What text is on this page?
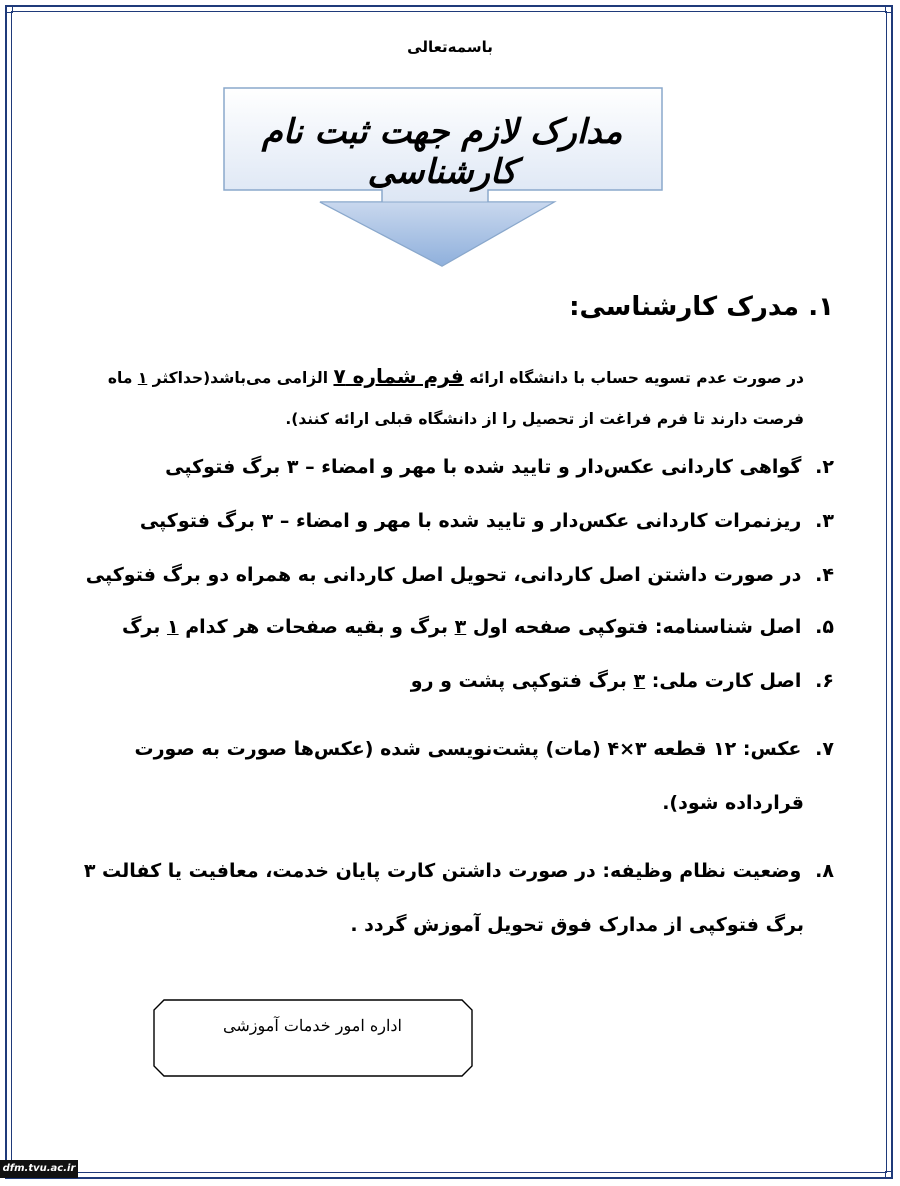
باسمه‌تعالی
مدارک لازم جهت ثبت نام کارشناسی
۱. مدرک کارشناسی:
در صورت عدم تسویه حساب با دانشگاه ارائه فرم شماره ۷ الزامی می‌باشد(حداکثر ۱ ماه
فرصت دارند تا فرم فراغت از تحصیل را از دانشگاه قبلی ارائه کنند).
۲. گواهی کاردانی عکس‌دار و تایید شده با مهر و امضاء – ۳ برگ فتوکپی
۳. ریزنمرات کاردانی عکس‌دار و تایید شده با مهر و امضاء – ۳ برگ فتوکپی
۴. در صورت داشتن اصل کاردانی، تحویل اصل کاردانی به همراه دو برگ فتوکپی
۵. اصل شناسنامه: فتوکپی صفحه اول ۳ برگ و بقیه صفحات هر کدام ۱ برگ
۶. اصل کارت ملی: ۳ برگ فتوکپی پشت و رو
۷. عکس: ۱۲ قطعه ۳×۴ (مات) پشت‌نویسی شده (عکس‌ها صورت به صورت
قرارداده شود).
۸. وضعیت نظام وظیفه: در صورت داشتن کارت پایان خدمت، معافیت یا کفالت ۳
برگ فتوکپی از مدارک فوق تحویل آموزش گردد .
اداره امور خدمات آموزشی
dfm.tvu.ac.ir
